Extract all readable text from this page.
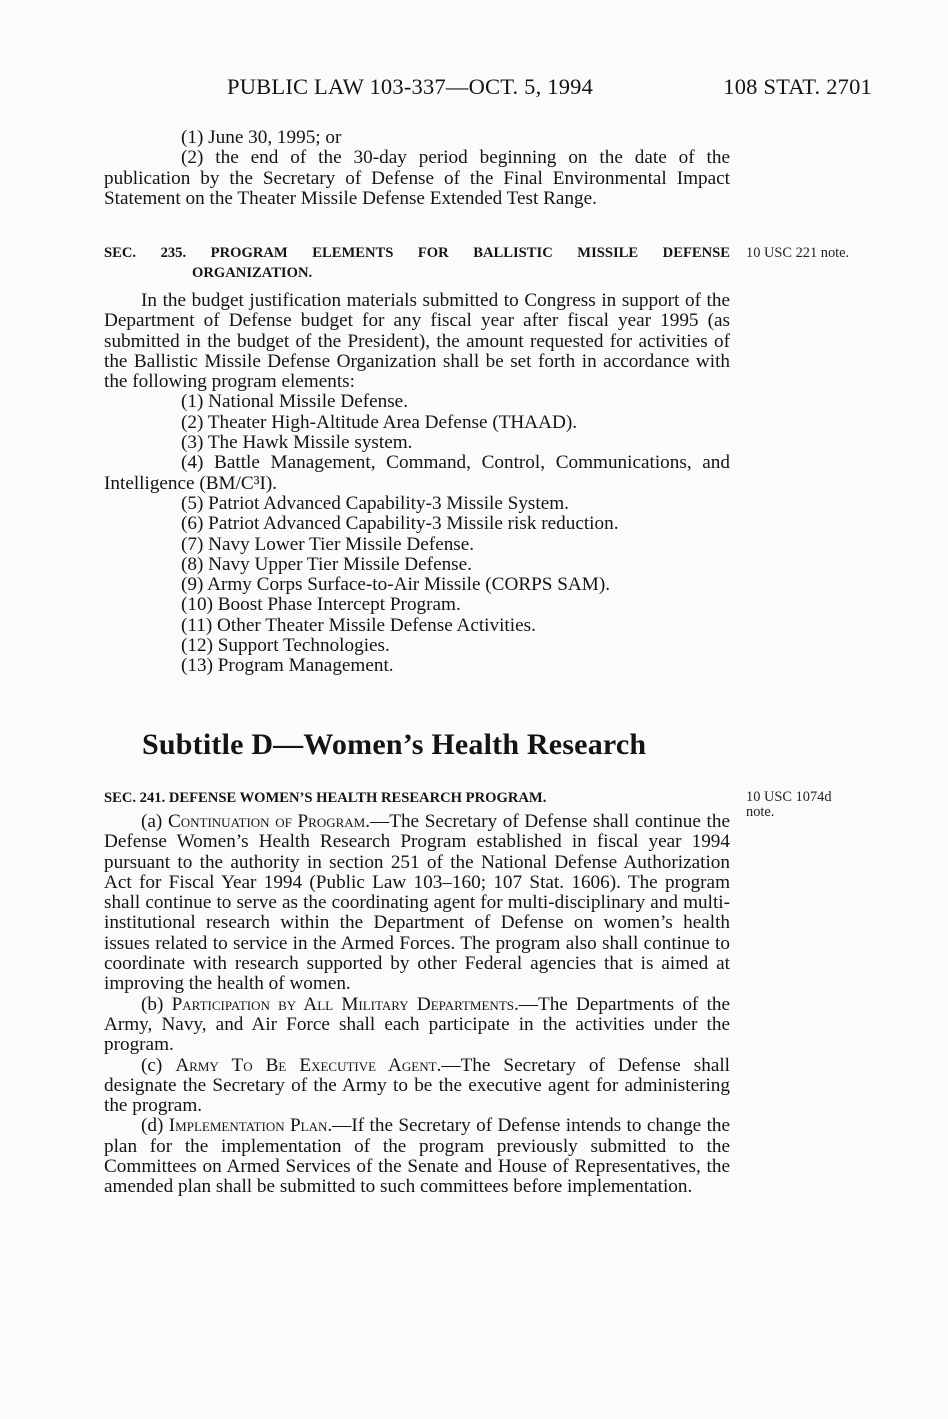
PUBLIC LAW 103-337—OCT. 5, 1994	108 STAT. 2701

(1) June 30, 1995; or

(2) the end of the 30-day period beginning on the date of the publication by the Secretary of Defense of the Final Environmental Impact Statement on the Theater Missile Defense Extended Test Range.

SEC. 235. PROGRAM ELEMENTS FOR BALLISTIC MISSILE DEFENSE
ORGANIZATION.
10 USC 221 note.

In the budget justification materials submitted to Congress in support of the Department of Defense budget for any fiscal year after fiscal year 1995 (as submitted in the budget of the President), the amount requested for activities of the Ballistic Missile Defense Organization shall be set forth in accordance with the following program elements:

(1) National Missile Defense.

(2) Theater High-Altitude Area Defense (THAAD).

(3) The Hawk Missile system.

(4) Battle Management, Command, Control, Communications, and Intelligence (BM/C³I).

(5) Patriot Advanced Capability-3 Missile System.

(6) Patriot Advanced Capability-3 Missile risk reduction.

(7) Navy Lower Tier Missile Defense.

(8) Navy Upper Tier Missile Defense.

(9) Army Corps Surface-to-Air Missile (CORPS SAM).

(10) Boost Phase Intercept Program.

(11) Other Theater Missile Defense Activities.

(12) Support Technologies.

(13) Program Management.

Subtitle D—Women’s Health Research
SEC. 241. DEFENSE WOMEN’S HEALTH RESEARCH PROGRAM.	10 USC 1074d
note.

(a) Continuation of Program.—The Secretary of Defense shall continue the Defense Women’s Health Research Program established in fiscal year 1994 pursuant to the authority in section 251 of the National Defense Authorization Act for Fiscal Year 1994 (Public Law 103–160; 107 Stat. 1606). The program shall continue to serve as the coordinating agent for multi-disciplinary and multi-institutional research within the Department of Defense on women’s health issues related to service in the Armed Forces. The program also shall continue to coordinate with research supported by other Federal agencies that is aimed at improving the health of women.

(b) Participation by All Military Departments.—The Departments of the Army, Navy, and Air Force shall each participate in the activities under the program.

(c) Army To Be Executive Agent.—The Secretary of Defense shall designate the Secretary of the Army to be the executive agent for administering the program.

(d) Implementation Plan.—If the Secretary of Defense intends to change the plan for the implementation of the program previously submitted to the Committees on Armed Services of the Senate and House of Representatives, the amended plan shall be submitted to such committees before implementation.
